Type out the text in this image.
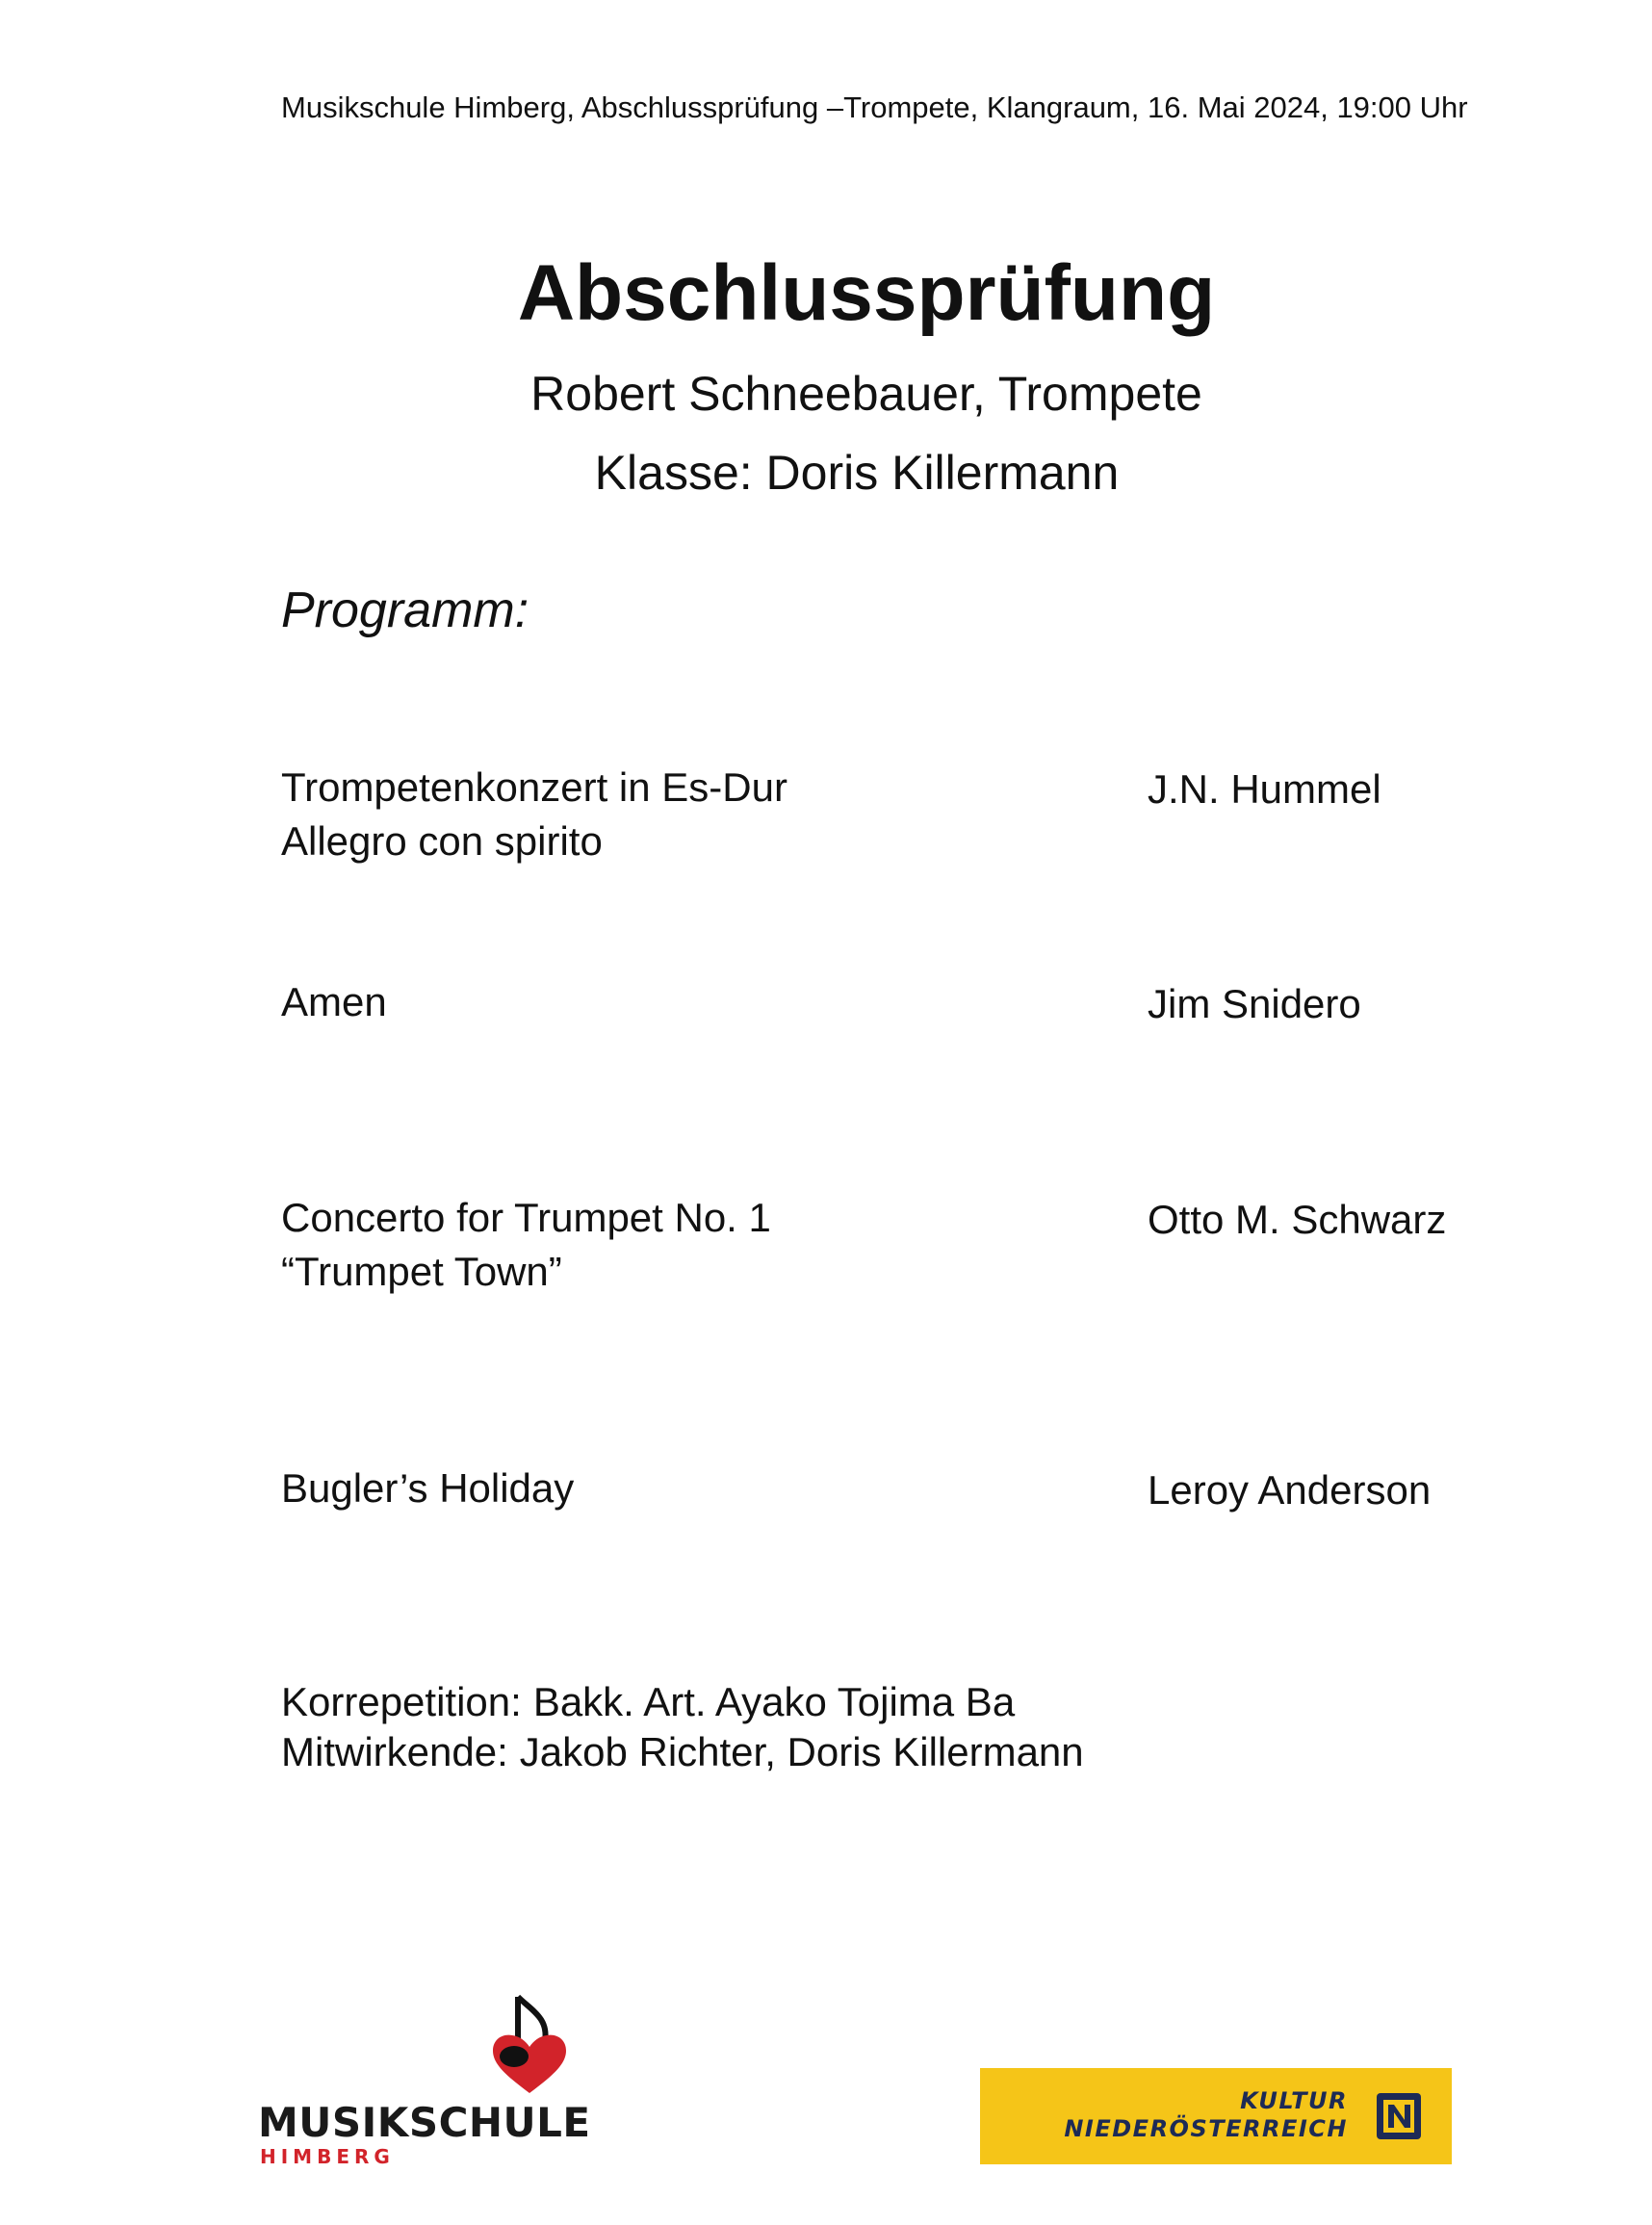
Musikschule Himberg, Abschlussprüfung –Trompete, Klangraum, 16. Mai 2024, 19:00 Uhr
Abschlussprüfung
Robert Schneebauer, Trompete
Klasse: Doris Killermann
Programm:
Trompetenkonzert in Es-Dur
Allegro con spirito
J.N. Hummel
Amen	Jim Snidero
Concerto for Trumpet No. 1
“Trumpet Town”
Otto M. Schwarz
Bugler’s Holiday	Leroy Anderson
Korrepetition:Bakk. Art. Ayako Tojima Ba
Mitwirkende: Jakob Richter, Doris Killermann
MUSIKSCHULE
HIMBERG
KULTUR
NIEDERÖSTERREICH
